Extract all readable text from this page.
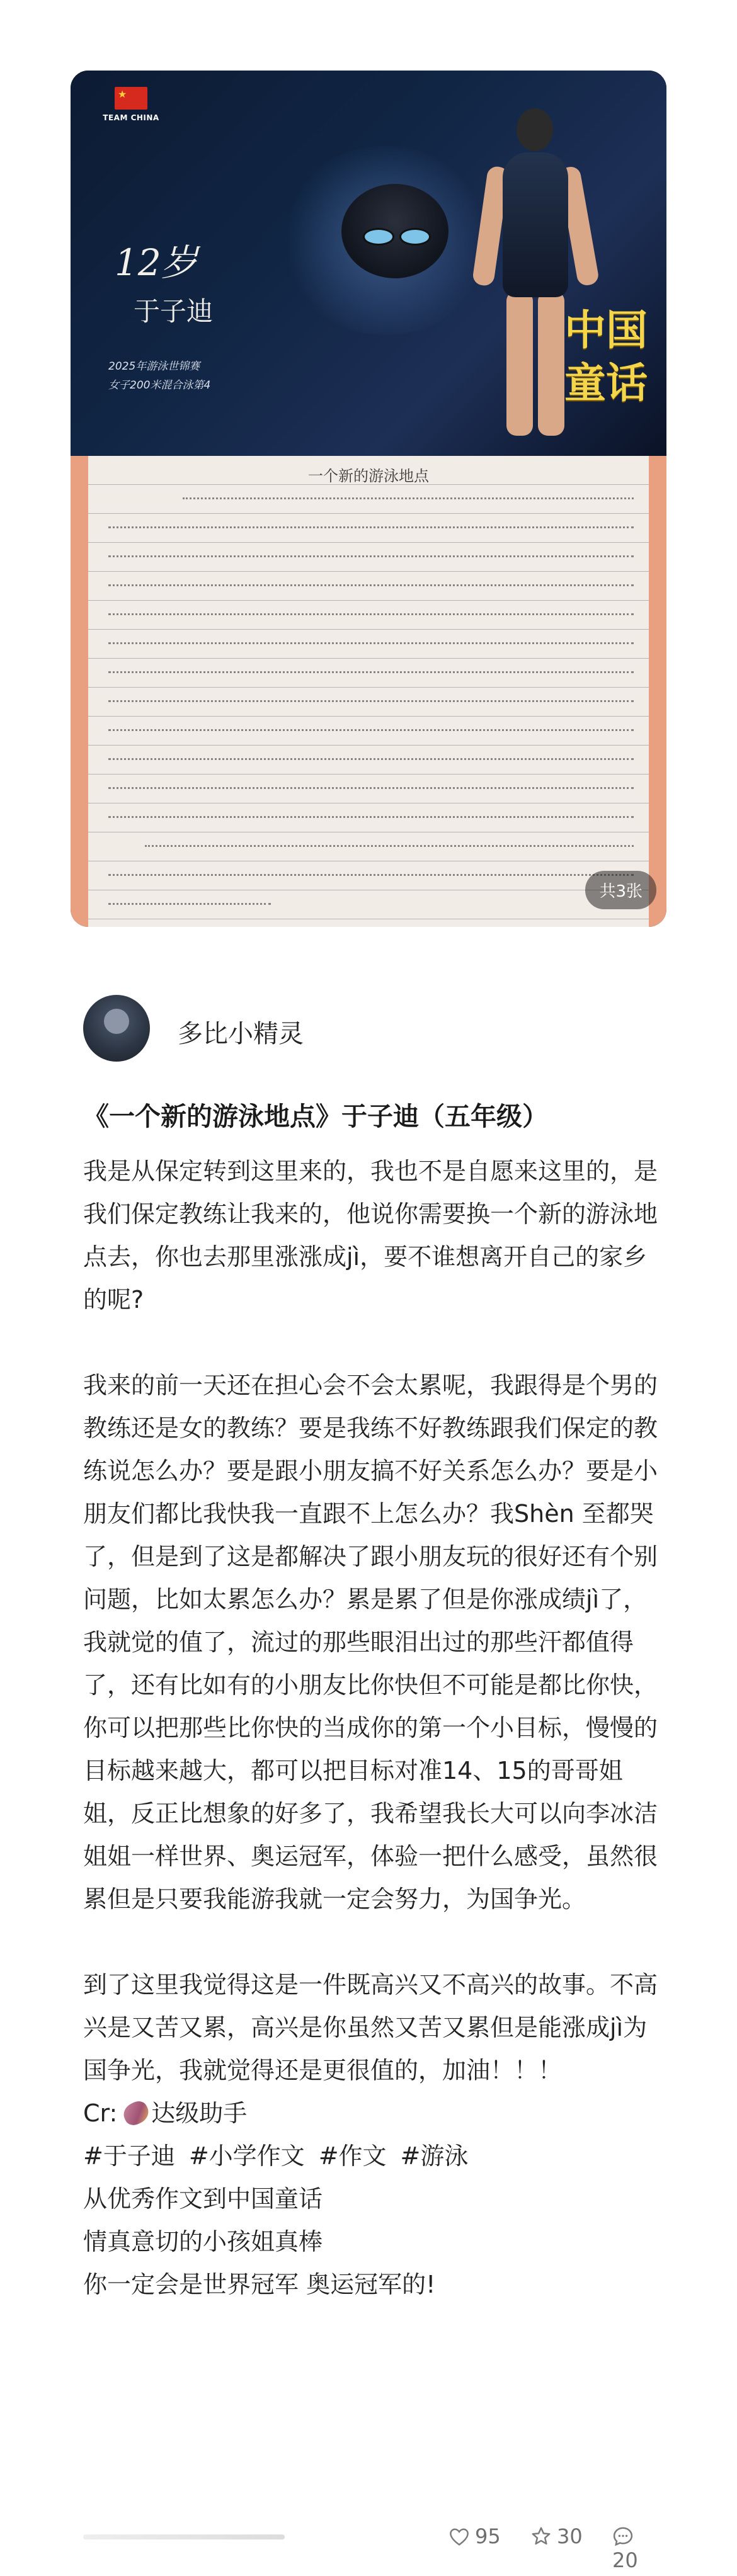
★
TEAM CHINA
12岁
于子迪
2025年游泳世锦赛
女子200米混合泳第4
中国
童话
一个新的游泳地点
共3张
多比小精灵
《一个新的游泳地点》于子迪（五年级）

我是从保定转到这里来的，我也不是自愿来这里的，是我们保定教练让我来的，他说你需要换一个新的游泳地点去，你也去那里涨涨成jì，要不谁想离开自己的家乡的呢?

我来的前一天还在担心会不会太累呢，我跟得是个男的教练还是女的教练？要是我练不好教练跟我们保定的教练说怎么办？要是跟小朋友搞不好关系怎么办？要是小朋友们都比我快我一直跟不上怎么办？我Shèn 至都哭了，但是到了这是都解决了跟小朋友玩的很好还有个别问题，比如太累怎么办？累是累了但是你涨成绩jì了，我就觉的值了，流过的那些眼泪出过的那些汗都值得了，还有比如有的小朋友比你快但不可能是都比你快，你可以把那些比你快的当成你的第一个小目标，慢慢的目标越来越大，都可以把目标对准14、15的哥哥姐姐，反正比想象的好多了，我希望我长大可以向李冰洁姐姐一样世界、奥运冠军，体验一把什么感受，虽然很累但是只要我能游我就一定会努力，为国争光。

到了这里我觉得这是一件既高兴又不高兴的故事。不高兴是又苦又累，高兴是你虽然又苦又累但是能涨成jì为国争光，我就觉得还是更很值的，加油！！！

Cr: 达级助手

#于子迪 #小学作文 #作文 #游泳

从优秀作文到中国童话

情真意切的小孩姐真棒

你一定会是世界冠军 奥运冠军的!

95	30
20
